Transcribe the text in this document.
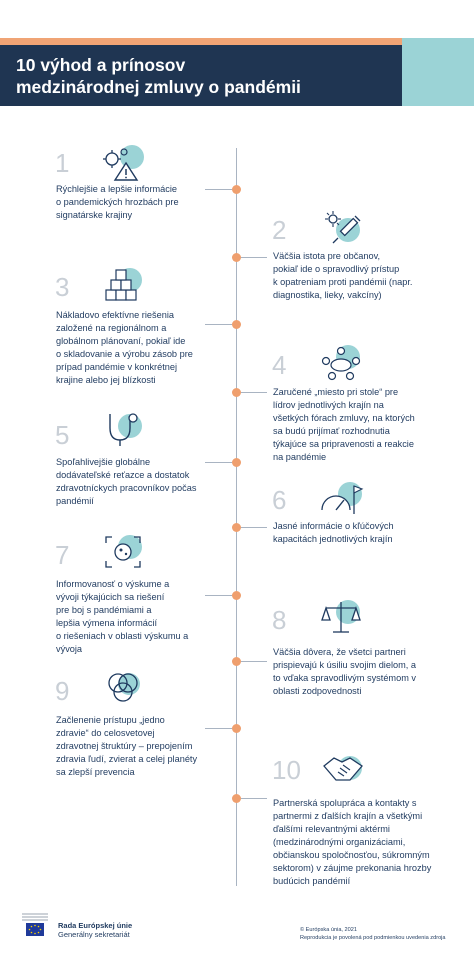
10 výhod a prínosov
medzinárodnej zmluvy o pandémii
1
Rýchlejšie a lepšie informácie
o pandemických hrozbách pre
signatárske krajiny	2
Väčšia istota pre občanov,
pokiaľ ide o spravodlivý prístup
k opatreniam proti pandémii (napr.
diagnostika, lieky, vakcíny)
3
Nákladovo efektívne riešenia
založené na regionálnom a
globálnom plánovaní, pokiaľ ide
o skladovanie a výrobu zásob pre
prípad pandémie v konkrétnej
krajine alebo jej blízkosti	4
Zaručené „miesto pri stole“ pre
lídrov jednotlivých krajín na
všetkých fórach zmluvy, na ktorých
sa budú prijímať rozhodnutia
týkajúce sa pripravenosti a reakcie
na pandémie
5
Spoľahlivejšie globálne
dodávateľské reťazce a dostatok
zdravotníckych pracovníkov počas
pandémií	6
Jasné informácie o kľúčových
kapacitách jednotlivých krajín
7
Informovanosť o výskume a
vývoji týkajúcich sa riešení
pre boj s pandémiami a
lepšia výmena informácií
o riešeniach v oblasti výskumu a
vývoja
8
Väčšia dôvera, že všetci partneri
prispievajú k úsiliu svojim dielom, a
to vďaka spravodlivým systémom v
oblasti zodpovednosti
9
Začlenenie prístupu „jedno
zdravie“ do celosvetovej
zdravotnej štruktúry – prepojením
zdravia ľudí, zvierat a celej planéty
sa zlepší prevencia	10
Partnerská spolupráca a kontakty s
partnermi z ďalších krajín a všetkými
ďalšími relevantnými aktérmi
(medzinárodnými organizáciami,
občianskou spoločnosťou, súkromným
sektorom) v záujme prekonania hrozby
budúcich pandémií
Rada Európskej únie
Generálny sekretariát	© Európska únia, 2021
Reprodukcia je povolená pod podmienkou uvedenia zdroja
